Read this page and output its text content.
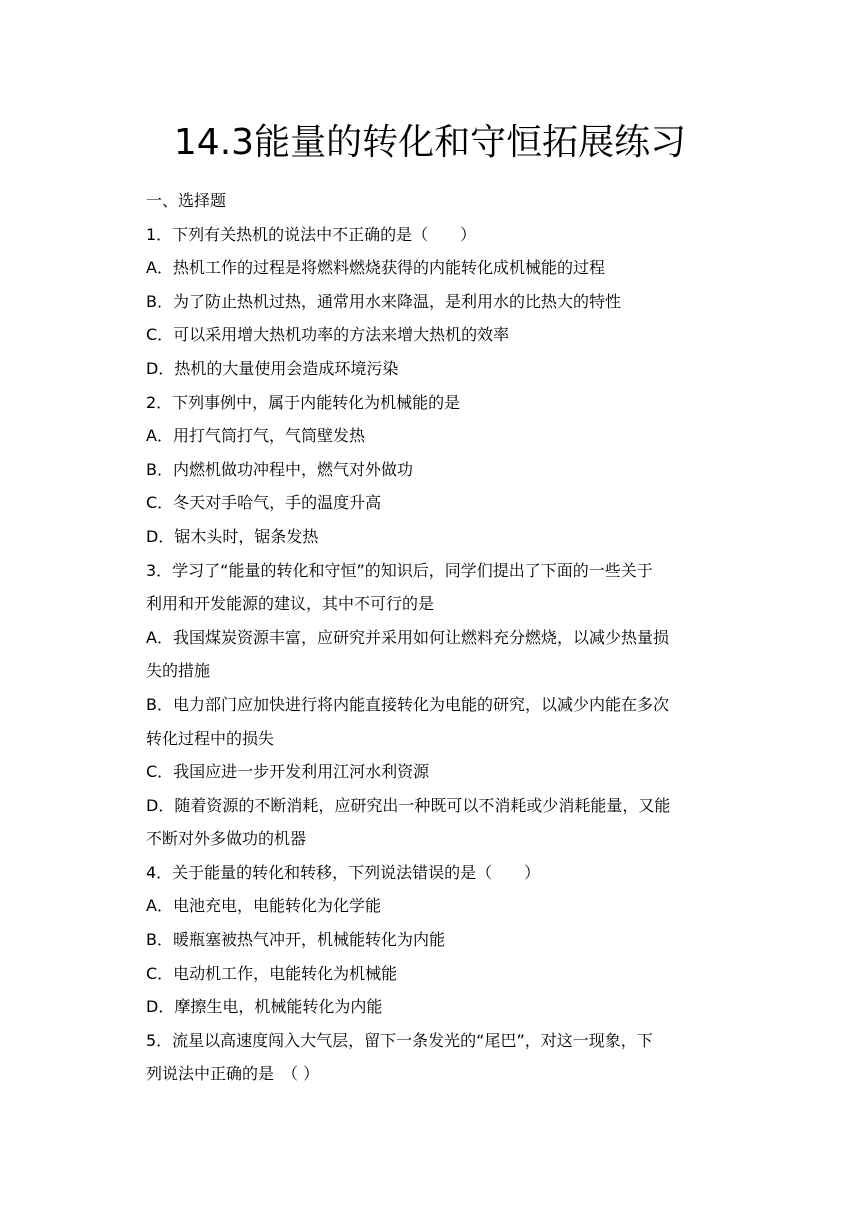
14.3能量的转化和守恒拓展练习
一、选择题
1．下列有关热机的说法中不正确的是（　　）
A．热机工作的过程是将燃料燃烧获得的内能转化成机械能的过程
B．为了防止热机过热，通常用水来降温，是利用水的比热大的特性
C．可以采用增大热机功率的方法来增大热机的效率
D．热机的大量使用会造成环境污染
2．下列事例中，属于内能转化为机械能的是
A．用打气筒打气，气筒壁发热
B．内燃机做功冲程中，燃气对外做功
C．冬天对手哈气，手的温度升高
D．锯木头时，锯条发热
3．学习了“能量的转化和守恒”的知识后，同学们提出了下面的一些关于
利用和开发能源的建议，其中不可行的是
A．我国煤炭资源丰富，应研究并采用如何让燃料充分燃烧，以减少热量损
失的措施
B．电力部门应加快进行将内能直接转化为电能的研究，以减少内能在多次
转化过程中的损失
C．我国应进一步开发利用江河水利资源
D．随着资源的不断消耗，应研究出一种既可以不消耗或少消耗能量，又能
不断对外多做功的机器
4．关于能量的转化和转移，下列说法错误的是（　　）
A．电池充电，电能转化为化学能
B．暖瓶塞被热气冲开，机械能转化为内能
C．电动机工作，电能转化为机械能
D．摩擦生电，机械能转化为内能
5．流星以高速度闯入大气层，留下一条发光的“尾巴”，对这一现象，下
列说法中正确的是　（ ）
